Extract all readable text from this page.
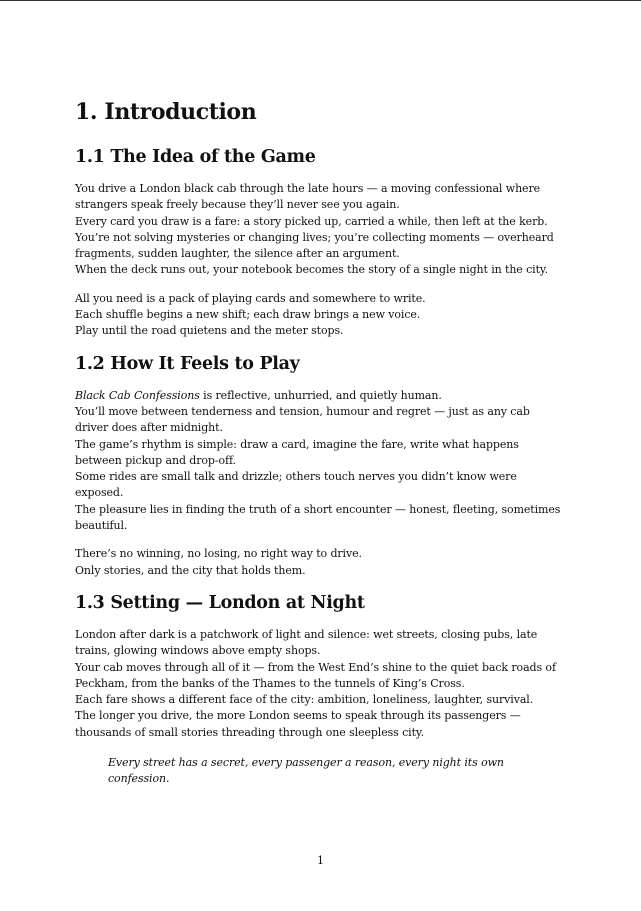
1. Introduction
1.1 The Idea of the Game
You drive a London black cab through the late hours — a moving confessional where strangers speak freely because they’ll never see you again.
Every card you draw is a fare: a story picked up, carried a while, then left at the kerb.
You’re not solving mysteries or changing lives; you’re collecting moments — overheard fragments, sudden laughter, the silence after an argument.
When the deck runs out, your notebook becomes the story of a single night in the city.
All you need is a pack of playing cards and somewhere to write.
Each shuffle begins a new shift; each draw brings a new voice.
Play until the road quietens and the meter stops.
1.2 How It Feels to Play
Black Cab Confessions is reflective, unhurried, and quietly human.
You’ll move between tenderness and tension, humour and regret — just as any cab driver does after midnight.
The game’s rhythm is simple: draw a card, imagine the fare, write what happens between pickup and drop-off.
Some rides are small talk and drizzle; others touch nerves you didn’t know were exposed.
The pleasure lies in finding the truth of a short encounter — honest, fleeting, sometimes beautiful.
There’s no winning, no losing, no right way to drive.
Only stories, and the city that holds them.
1.3 Setting — London at Night
London after dark is a patchwork of light and silence: wet streets, closing pubs, late trains, glowing windows above empty shops.
Your cab moves through all of it — from the West End’s shine to the quiet back roads of Peckham, from the banks of the Thames to the tunnels of King’s Cross.
Each fare shows a different face of the city: ambition, loneliness, laughter, survival.
The longer you drive, the more London seems to speak through its passengers — thousands of small stories threading through one sleepless city.
Every street has a secret, every passenger a reason, every night its own confession.
1
